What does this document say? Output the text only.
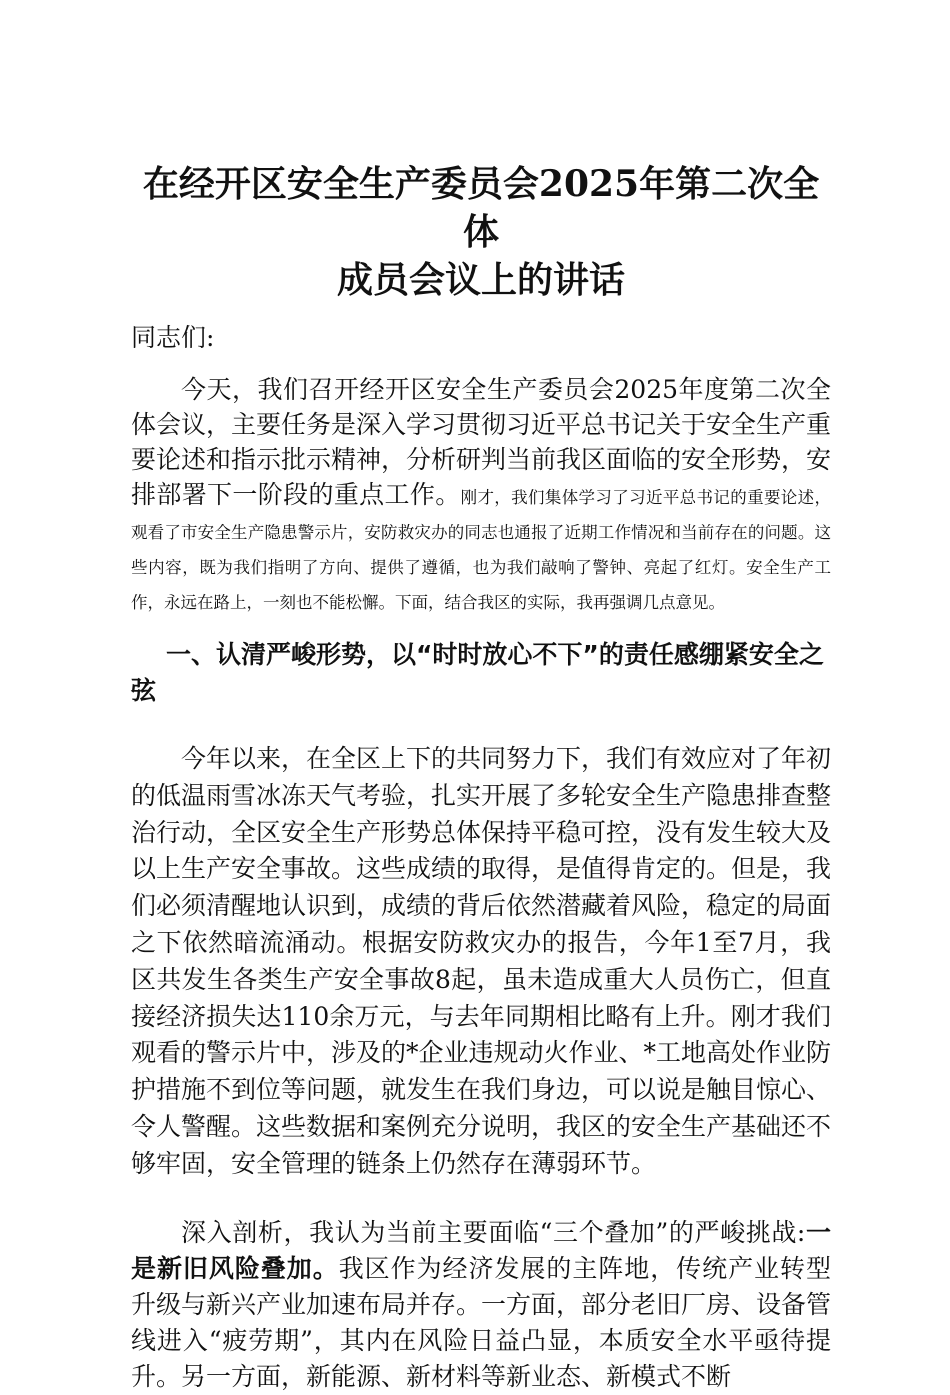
在经开区安全生产委员会2025年第二次全体
成员会议上的讲话
同志们:

今天，我们召开经开区安全生产委员会2025年度第二次全体会议，主要任务是深入学习贯彻习近平总书记关于安全生产重要论述和指示批示精神，分析研判当前我区面临的安全形势，安排部署下一阶段的重点工作。刚才，我们集体学习了习近平总书记的重要论述，观看了市安全生产隐患警示片，安防救灾办的同志也通报了近期工作情况和当前存在的问题。这些内容，既为我们指明了方向、提供了遵循，也为我们敲响了警钟、亮起了红灯。安全生产工作，永远在路上，一刻也不能松懈。下面，结合我区的实际，我再强调几点意见。

一、认清严峻形势，以“时时放心不下”的责任感绷紧安全之弦

今年以来，在全区上下的共同努力下，我们有效应对了年初的低温雨雪冰冻天气考验，扎实开展了多轮安全生产隐患排查整治行动，全区安全生产形势总体保持平稳可控，没有发生较大及以上生产安全事故。这些成绩的取得，是值得肯定的。但是，我们必须清醒地认识到，成绩的背后依然潜藏着风险，稳定的局面之下依然暗流涌动。根据安防救灾办的报告，今年1至7月，我区共发生各类生产安全事故8起，虽未造成重大人员伤亡，但直接经济损失达110余万元，与去年同期相比略有上升。刚才我们观看的警示片中，涉及的*企业违规动火作业、*工地高处作业防护措施不到位等问题，就发生在我们身边，可以说是触目惊心、令人警醒。这些数据和案例充分说明，我区的安全生产基础还不够牢固，安全管理的链条上仍然存在薄弱环节。

深入剖析，我认为当前主要面临“三个叠加”的严峻挑战:一是新旧风险叠加。我区作为经济发展的主阵地，传统产业转型升级与新兴产业加速布局并存。一方面，部分老旧厂房、设备管线进入“疲劳期”，其内在风险日益凸显，本质安全水平亟待提升。另一方面，新能源、新材料等新业态、新模式不断
